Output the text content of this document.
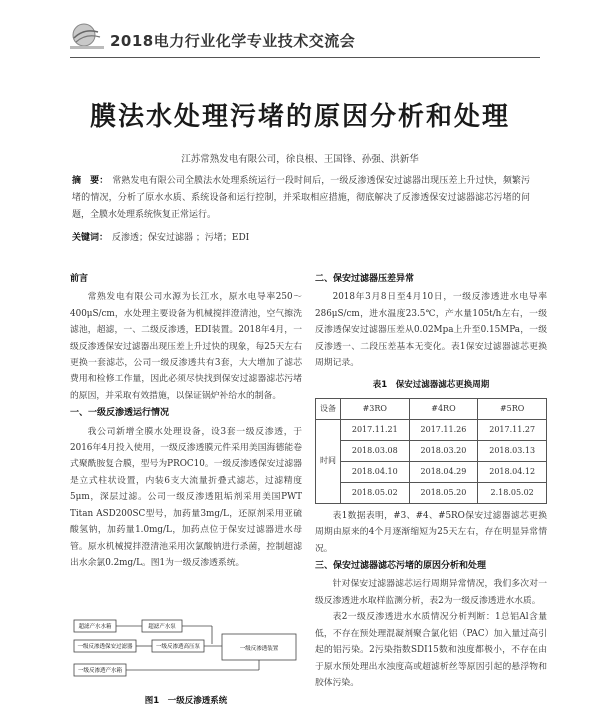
2018电力行业化学专业技术交流会
膜法水处理污堵的原因分析和处理
江苏常熟发电有限公司，徐良根、王国锋、孙强、洪新华
摘　要： 常熟发电有限公司全膜法水处理系统运行一段时间后，一级反渗透保安过滤器出现压差上升过快，频繁污堵的情况，分析了原水水质、系统设备和运行控制，并采取相应措施，彻底解决了反渗透保安过滤器滤芯污堵的问题，全膜水处理系统恢复正常运行。
关键词： 反渗透；保安过滤器 ；污堵；EDI
前言

常熟发电有限公司水源为长江水，原水电导率250～400μS/cm，水处理主要设备为机械搅拌澄清池，空气擦洗滤池，超滤，一、二级反渗透，EDI装置。2018年4月，一级反渗透保安过滤器出现压差上升过快的现象，每25天左右更换一套滤芯，公司一级反渗透共有3套，大大增加了滤芯费用和检修工作量，因此必须尽快找到保安过滤器滤芯污堵的原因，并采取有效措施，以保证锅炉补给水的制备。

一、一级反渗透运行情况

我公司新增全膜水处理设备，设3套一级反渗透，于2016年4月投入使用，一级反渗透膜元件采用美国海德能卷式聚酰胺复合膜，型号为PROC10。一级反渗透保安过滤器是立式柱状设置，内装6支大流量折叠式滤芯，过滤精度5μm，深层过滤。公司一级反渗透阻垢剂采用美国PWT Titan ASD200SC型号，加药量3mg/L，还原剂采用亚硫酸氢钠，加药量1.0mg/L，加药点位于保安过滤器进水母管。原水机械搅拌澄清池采用次氯酸钠进行杀菌，控制超滤出水余氯0.2mg/L。图1为一级反渗透系统。

超滤产水水箱	超滤产水泵
一级反渗透保安过滤器	一级反渗透高压泵	一级反渗透装置
一级反渗透产水箱
图1　一级反渗透系统
二、保安过滤器压差异常

2018年3月8日至4月10日，一级反渗透进水电导率286μS/cm，进水温度23.5℃，产水量105t/h左右，一级反渗透保安过滤器压差从0.02Mpa上升至0.15MPa，一级反渗透一、二段压差基本无变化。表1保安过滤器滤芯更换周期记录。

表1　保安过滤器滤芯更换周期
设备	#3RO	#4RO	#5RO
时间	2017.11.21	2017.11.26	2017.11.27
	2018.03.08	2018.03.20	2018.03.13
	2018.04.10	2018.04.29	2018.04.12
	2018.05.02	2018.05.20	2.18.05.02

表1数据表明，#3、#4、#5RO保安过滤器滤芯更换周期由原来的4个月逐渐缩短为25天左右，存在明显异常情况。

三、保安过滤器滤芯污堵的原因分析和处理

针对保安过滤器滤芯运行周期异常情况，我们多次对一级反渗透进水取样监测分析，表2为一级反渗透进水水质。

表2一级反渗透进水水质情况分析判断：1总铝Al含量低，不存在预处理混凝剂聚合氯化铝（PAC）加入量过高引起的铝污染。2污染指数SDI15数和浊度都极小，不存在由于原水预处理出水浊度高或超滤析丝等原因引起的悬浮物和胶体污染。
